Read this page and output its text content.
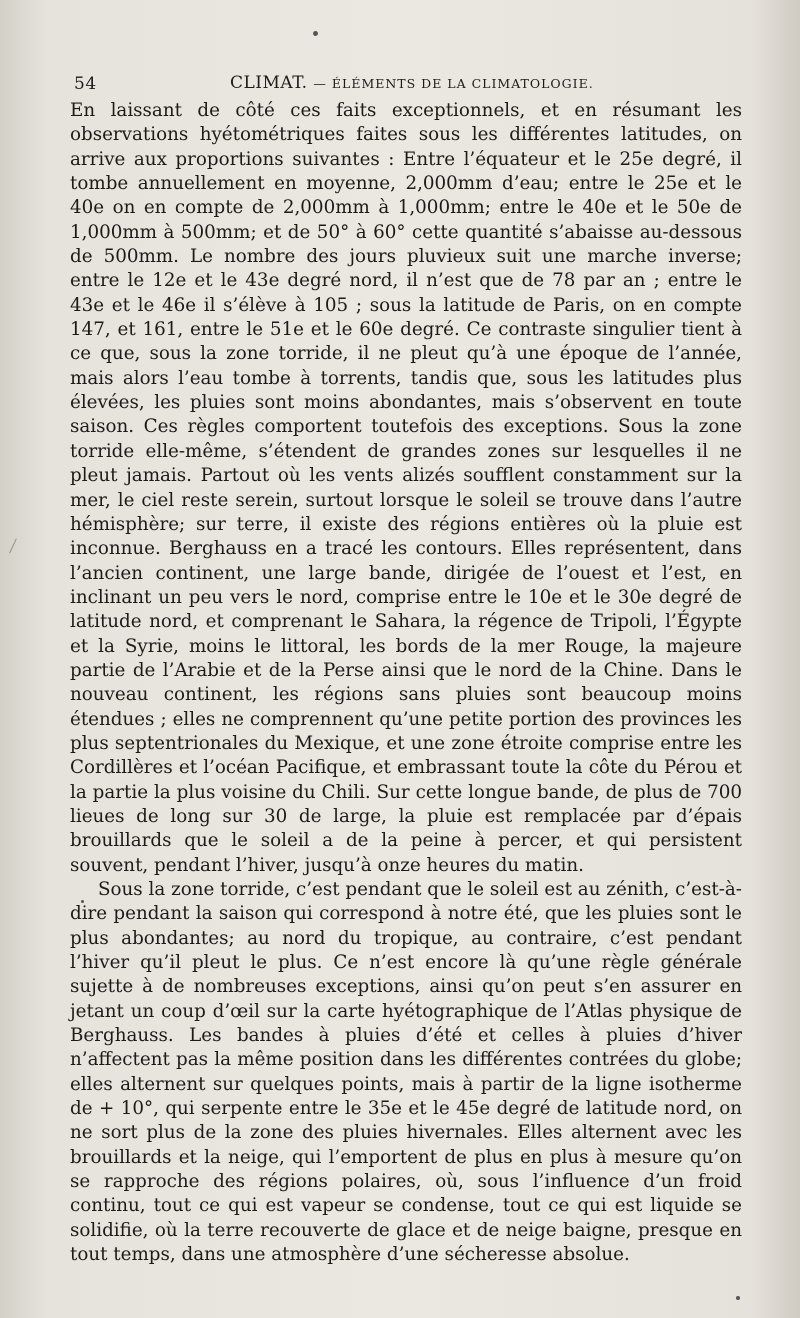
54	CLIMAT. — ÉLÉMENTS DE LA CLIMATOLOGIE.

En laissant de côté ces faits exceptionnels, et en résumant les observations hyétométriques faites sous les différentes latitudes, on arrive aux proportions suivantes : Entre l’équateur et le 25e degré, il tombe annuellement en moyenne, 2,000mm d’eau; entre le 25e et le 40e on en compte de 2,000mm à 1,000mm; entre le 40e et le 50e de 1,000mm à 500mm; et de 50° à 60° cette quantité s’abaisse au-dessous de 500mm. Le nombre des jours pluvieux suit une marche inverse; entre le 12e et le 43e degré nord, il n’est que de 78 par an ; entre le 43e et le 46e il s’élève à 105 ; sous la latitude de Paris, on en compte 147, et 161, entre le 51e et le 60e degré. Ce contraste singulier tient à ce que, sous la zone torride, il ne pleut qu’à une époque de l’année, mais alors l’eau tombe à torrents, tandis que, sous les latitudes plus élevées, les pluies sont moins abondantes, mais s’observent en toute saison. Ces règles comportent toutefois des exceptions. Sous la zone torride elle-même, s’étendent de grandes zones sur lesquelles il ne pleut jamais. Partout où les vents alizés soufflent constamment sur la mer, le ciel reste serein, surtout lorsque le soleil se trouve dans l’autre hémisphère; sur terre, il existe des régions entières où la pluie est inconnue. Berghauss en a tracé les contours. Elles représentent, dans l’ancien continent, une large bande, dirigée de l’ouest et l’est, en inclinant un peu vers le nord, comprise entre le 10e et le 30e degré de latitude nord, et comprenant le Sahara, la régence de Tripoli, l’Égypte et la Syrie, moins le littoral, les bords de la mer Rouge, la majeure partie de l’Arabie et de la Perse ainsi que le nord de la Chine. Dans le nouveau continent, les régions sans pluies sont beaucoup moins étendues ; elles ne comprennent qu’une petite portion des provinces les plus septentrionales du Mexique, et une zone étroite comprise entre les Cordillères et l’océan Pacifique, et embrassant toute la côte du Pérou et la partie la plus voisine du Chili. Sur cette longue bande, de plus de 700 lieues de long sur 30 de large, la pluie est remplacée par d’épais brouillards que le soleil a de la peine à percer, et qui persistent souvent, pendant l’hiver, jusqu’à onze heures du matin.

Sous la zone torride, c’est pendant que le soleil est au zénith, c’est-à-dire pendant la saison qui correspond à notre été, que les pluies sont le plus abondantes; au nord du tropique, au contraire, c’est pendant l’hiver qu’il pleut le plus. Ce n’est encore là qu’une règle générale sujette à de nombreuses exceptions, ainsi qu’on peut s’en assurer en jetant un coup d’œil sur la carte hyétographique de l’Atlas physique de Berghauss. Les bandes à pluies d’été et celles à pluies d’hiver n’affectent pas la même position dans les différentes contrées du globe; elles alternent sur quelques points, mais à partir de la ligne isotherme de + 10°, qui serpente entre le 35e et le 45e degré de latitude nord, on ne sort plus de la zone des pluies hivernales. Elles alternent avec les brouillards et la neige, qui l’emportent de plus en plus à mesure qu’on se rapproche des régions polaires, où, sous l’influence d’un froid continu, tout ce qui est vapeur se condense, tout ce qui est liquide se solidifie, où la terre recouverte de glace et de neige baigne, presque en tout temps, dans une atmosphère d’une sécheresse absolue.
